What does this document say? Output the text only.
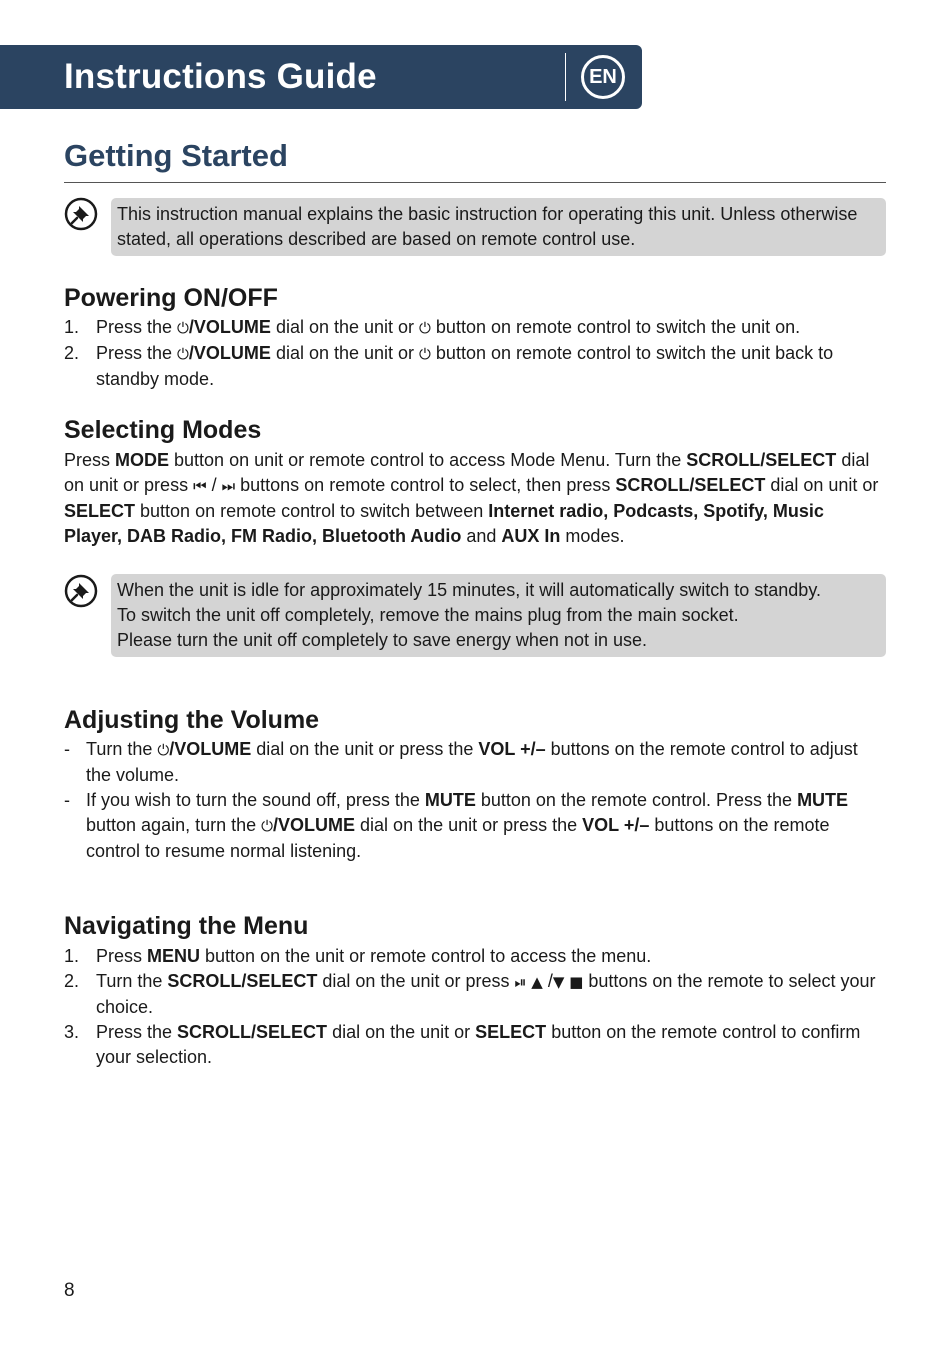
Instructions Guide	EN
Getting Started
This instruction manual explains the basic instruction for operating this unit. Unless otherwise stated, all operations described are based on remote control use.
Powering ON/OFF
1. Press the ⏻/VOLUME dial on the unit or ⏻ button on remote control to switch the unit on.
2. Press the ⏻/VOLUME dial on the unit or ⏻ button on remote control to switch the unit back to standby mode.
Selecting Modes
Press MODE button on unit or remote control to access Mode Menu. Turn the SCROLL/SELECT dial on unit or press ⏮ / ⏭ buttons on remote control to select, then press SCROLL/SELECT dial on unit or SELECT button on remote control to switch between Internet radio, Podcasts, Spotify, Music Player, DAB Radio, FM Radio, Bluetooth Audio and AUX In modes.
When the unit is idle for approximately 15 minutes, it will automatically switch to standby.
To switch the unit off completely, remove the mains plug from the main socket.
Please turn the unit off completely to save energy when not in use.
Adjusting the Volume
- Turn the ⏻/VOLUME dial on the unit or press the VOL +/– buttons on the remote control to adjust the volume.
- If you wish to turn the sound off, press the MUTE button on the remote control. Press the MUTE button again, turn the ⏻/VOLUME dial on the unit or press the VOL +/– buttons on the remote control to resume normal listening.
Navigating the Menu
1. Press MENU button on the unit or remote control to access the menu.
2. Turn the SCROLL/SELECT dial on the unit or press ⏯ ▲ /▼ ■ buttons on the remote to select your choice.
3. Press the SCROLL/SELECT dial on the unit or SELECT button on the remote control to confirm your selection.
8
